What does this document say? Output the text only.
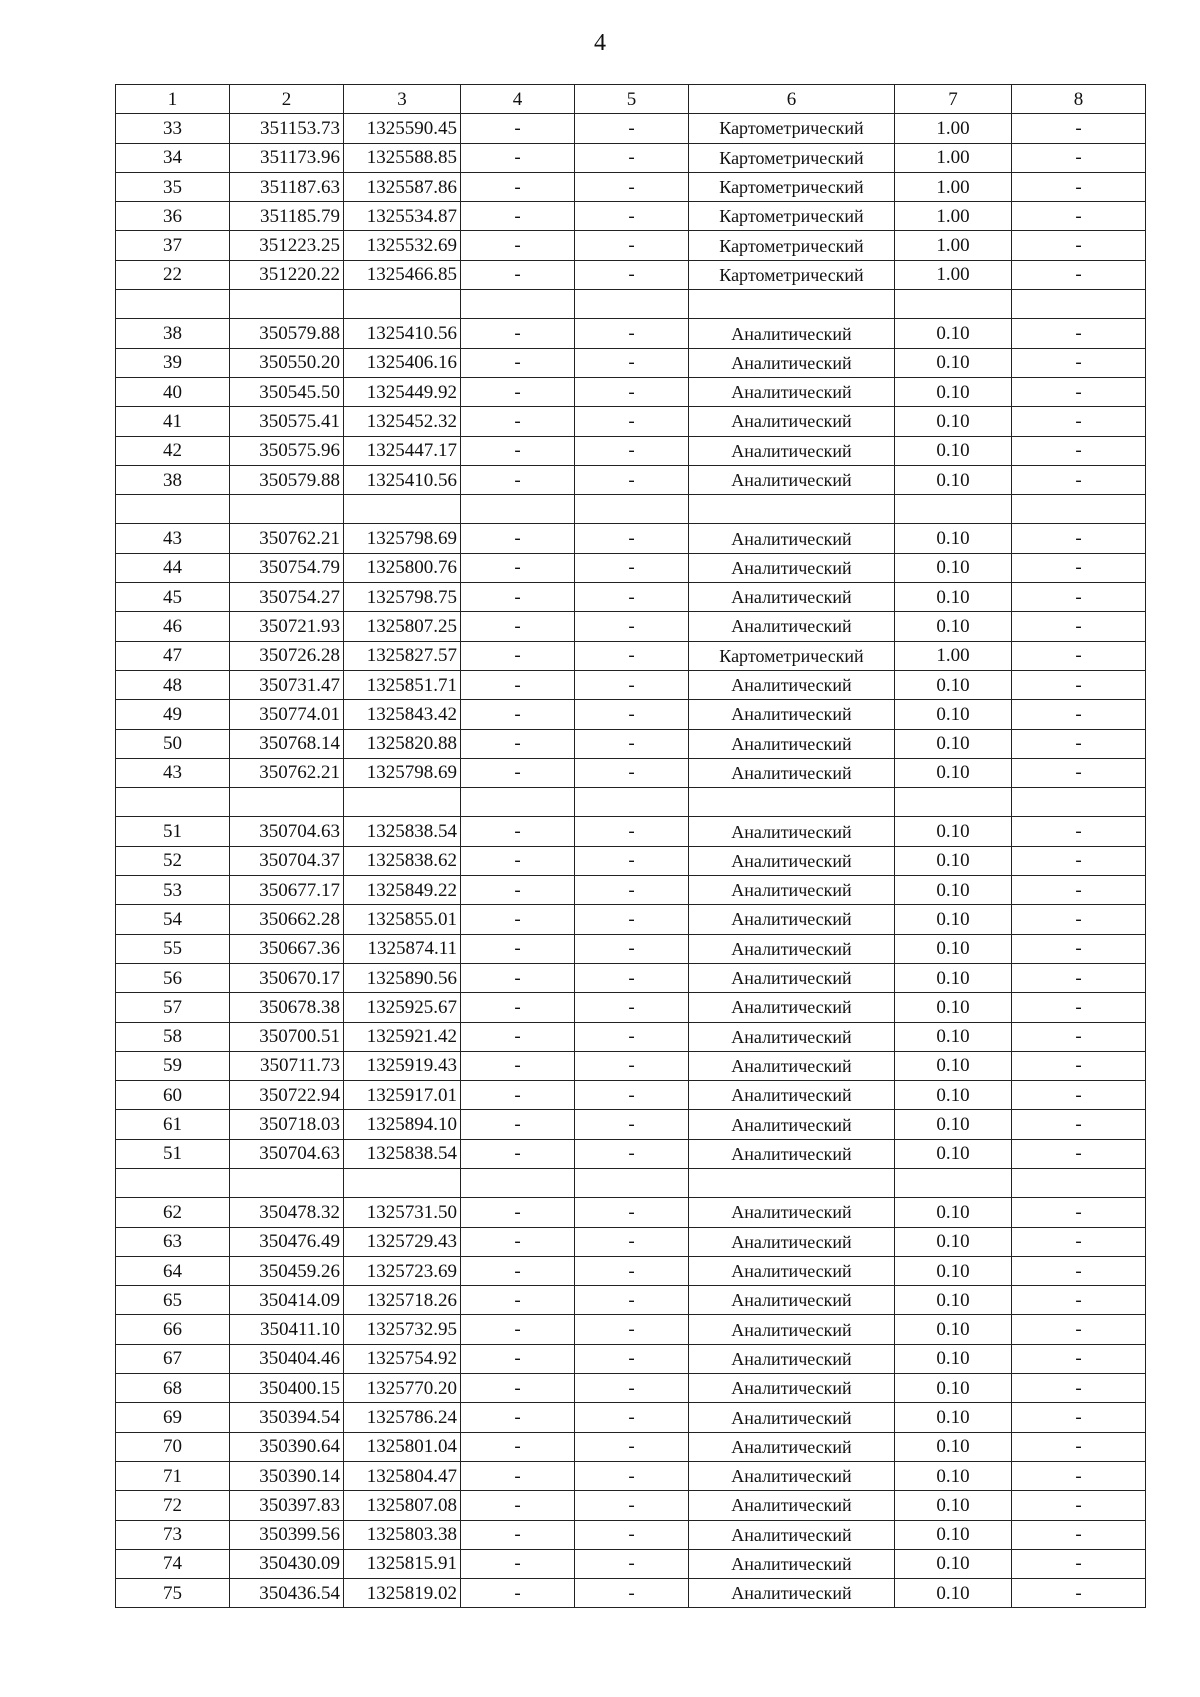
4
1	2	3	4	5	6	7	8
33	351153.73	1325590.45	-	-	Картометрический	1.00	-
34	351173.96	1325588.85	-	-	Картометрический	1.00	-
35	351187.63	1325587.86	-	-	Картометрический	1.00	-
36	351185.79	1325534.87	-	-	Картометрический	1.00	-
37	351223.25	1325532.69	-	-	Картометрический	1.00	-
22	351220.22	1325466.85	-	-	Картометрический	1.00	-

38	350579.88	1325410.56	-	-	Аналитический	0.10	-
39	350550.20	1325406.16	-	-	Аналитический	0.10	-
40	350545.50	1325449.92	-	-	Аналитический	0.10	-
41	350575.41	1325452.32	-	-	Аналитический	0.10	-
42	350575.96	1325447.17	-	-	Аналитический	0.10	-
38	350579.88	1325410.56	-	-	Аналитический	0.10	-

43	350762.21	1325798.69	-	-	Аналитический	0.10	-
44	350754.79	1325800.76	-	-	Аналитический	0.10	-
45	350754.27	1325798.75	-	-	Аналитический	0.10	-
46	350721.93	1325807.25	-	-	Аналитический	0.10	-
47	350726.28	1325827.57	-	-	Картометрический	1.00	-
48	350731.47	1325851.71	-	-	Аналитический	0.10	-
49	350774.01	1325843.42	-	-	Аналитический	0.10	-
50	350768.14	1325820.88	-	-	Аналитический	0.10	-
43	350762.21	1325798.69	-	-	Аналитический	0.10	-

51	350704.63	1325838.54	-	-	Аналитический	0.10	-
52	350704.37	1325838.62	-	-	Аналитический	0.10	-
53	350677.17	1325849.22	-	-	Аналитический	0.10	-
54	350662.28	1325855.01	-	-	Аналитический	0.10	-
55	350667.36	1325874.11	-	-	Аналитический	0.10	-
56	350670.17	1325890.56	-	-	Аналитический	0.10	-
57	350678.38	1325925.67	-	-	Аналитический	0.10	-
58	350700.51	1325921.42	-	-	Аналитический	0.10	-
59	350711.73	1325919.43	-	-	Аналитический	0.10	-
60	350722.94	1325917.01	-	-	Аналитический	0.10	-
61	350718.03	1325894.10	-	-	Аналитический	0.10	-
51	350704.63	1325838.54	-	-	Аналитический	0.10	-

62	350478.32	1325731.50	-	-	Аналитический	0.10	-
63	350476.49	1325729.43	-	-	Аналитический	0.10	-
64	350459.26	1325723.69	-	-	Аналитический	0.10	-
65	350414.09	1325718.26	-	-	Аналитический	0.10	-
66	350411.10	1325732.95	-	-	Аналитический	0.10	-
67	350404.46	1325754.92	-	-	Аналитический	0.10	-
68	350400.15	1325770.20	-	-	Аналитический	0.10	-
69	350394.54	1325786.24	-	-	Аналитический	0.10	-
70	350390.64	1325801.04	-	-	Аналитический	0.10	-
71	350390.14	1325804.47	-	-	Аналитический	0.10	-
72	350397.83	1325807.08	-	-	Аналитический	0.10	-
73	350399.56	1325803.38	-	-	Аналитический	0.10	-
74	350430.09	1325815.91	-	-	Аналитический	0.10	-
75	350436.54	1325819.02	-	-	Аналитический	0.10	-
